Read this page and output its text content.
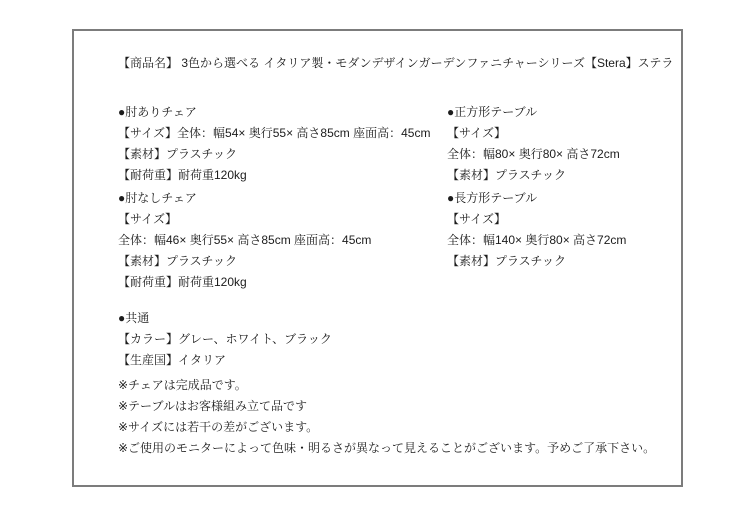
【商品名】 3色から選べる イタリア製・モダンデザインガーデンファニチャーシリーズ【Stera】ステラ
●肘ありチェア
【サイズ】全体：幅54× 奥行55× 高さ85cm 座面高：45cm
【素材】プラスチック
【耐荷重】耐荷重120kg
●正方形テーブル
【サイズ】
全体：幅80× 奥行80× 高さ72cm
【素材】プラスチック
●肘なしチェア
【サイズ】
全体：幅46× 奥行55× 高さ85cm 座面高：45cm
【素材】プラスチック
【耐荷重】耐荷重120kg
●長方形テーブル
【サイズ】
全体：幅140× 奥行80× 高さ72cm
【素材】プラスチック
●共通
【カラー】グレー、ホワイト、ブラック
【生産国】イタリア
※チェアは完成品です。
※テーブルはお客様組み立て品です
※サイズには若干の差がございます。
※ご使用のモニターによって色味・明るさが異なって見えることがございます。予めご了承下さい。
